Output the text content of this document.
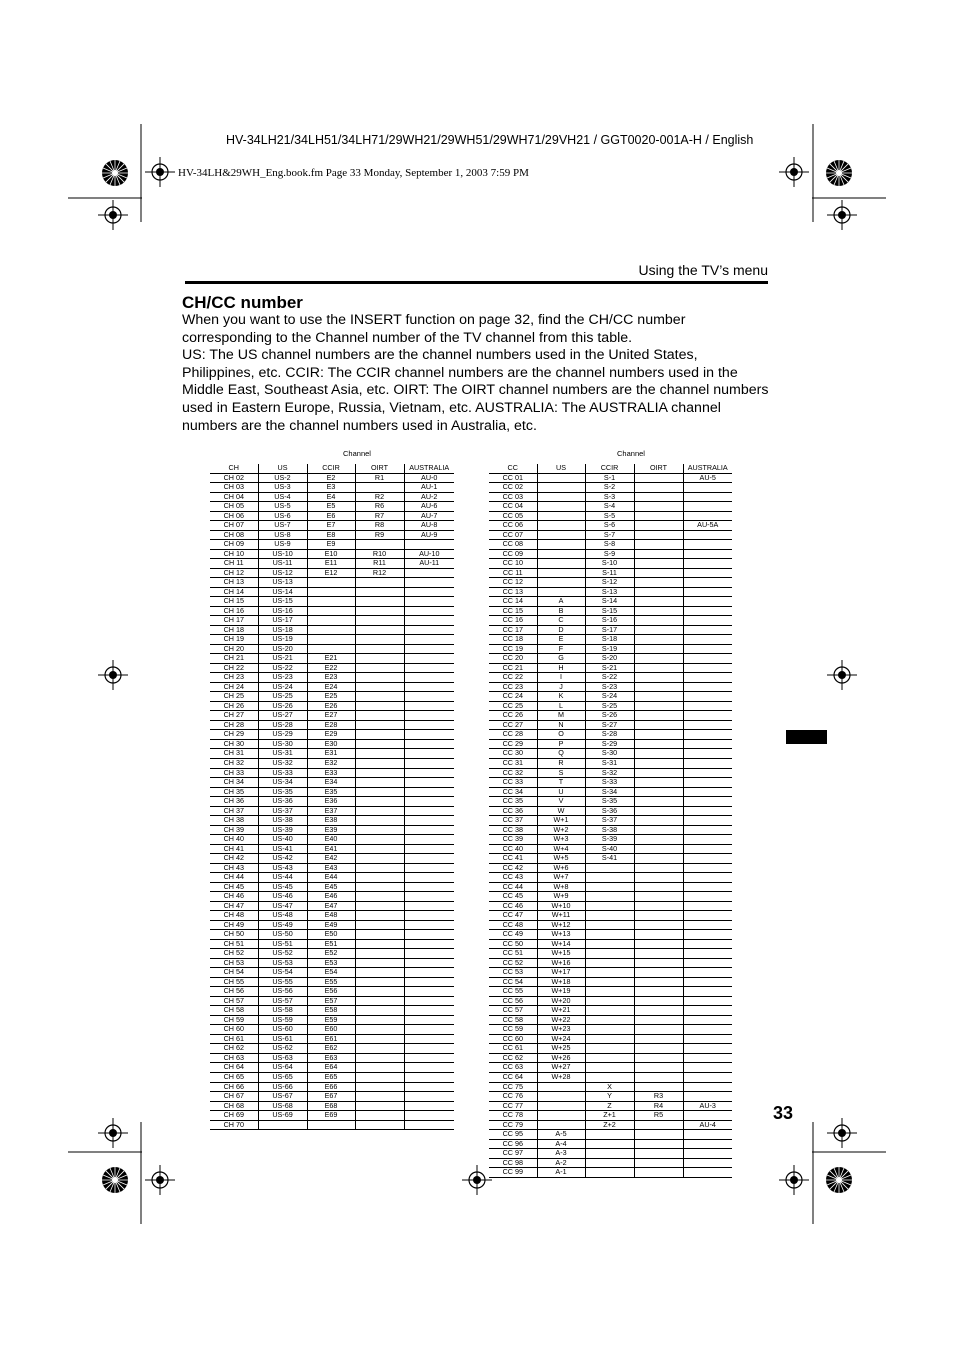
HV-34LH21/34LH51/34LH71/29WH21/29WH51/29WH71/29VH21 / GGT0020-001A-H / English
HV-34LH&29WH_Eng.book.fm Page 33 Monday, September 1, 2003 7:59 PM
Using the TV’s menu
CH/CC number

When you want to use the INSERT function on page 32, find the CH/CC number corresponding to the Channel number of the TV channel from this table.

US: The US channel numbers are the channel numbers used in the United States, Philippines, etc. CCIR: The CCIR channel numbers are the channel numbers used in the Middle East, Southeast Asia, etc. OIRT: The OIRT channel numbers are the channel numbers used in Eastern Europe, Russia, Vietnam, etc. AUSTRALIA: The AUSTRALIA channel numbers are the channel numbers used in Australia, etc.

Channel
CH	US	CCIR	OIRT	AUSTRALIA
CH 02	US-2	E2	R1	AU-0
CH 03	US-3	E3		AU-1
CH 04	US-4	E4	R2	AU-2
CH 05	US-5	E5	R6	AU-6
CH 06	US-6	E6	R7	AU-7
CH 07	US-7	E7	R8	AU-8
CH 08	US-8	E8	R9	AU-9
CH 09	US-9	E9		
CH 10	US-10	E10	R10	AU-10
CH 11	US-11	E11	R11	AU-11
CH 12	US-12	E12	R12	
CH 13	US-13			
CH 14	US-14			
CH 15	US-15			
CH 16	US-16			
CH 17	US-17			
CH 18	US-18			
CH 19	US-19			
CH 20	US-20			
CH 21	US-21	E21		
CH 22	US-22	E22		
CH 23	US-23	E23		
CH 24	US-24	E24		
CH 25	US-25	E25		
CH 26	US-26	E26		
CH 27	US-27	E27		
CH 28	US-28	E28		
CH 29	US-29	E29		
CH 30	US-30	E30		
CH 31	US-31	E31		
CH 32	US-32	E32		
CH 33	US-33	E33		
CH 34	US-34	E34		
CH 35	US-35	E35		
CH 36	US-36	E36		
CH 37	US-37	E37		
CH 38	US-38	E38		
CH 39	US-39	E39		
CH 40	US-40	E40		
CH 41	US-41	E41		
CH 42	US-42	E42		
CH 43	US-43	E43		
CH 44	US-44	E44		
CH 45	US-45	E45		
CH 46	US-46	E46		
CH 47	US-47	E47		
CH 48	US-48	E48		
CH 49	US-49	E49		
CH 50	US-50	E50		
CH 51	US-51	E51		
CH 52	US-52	E52		
CH 53	US-53	E53		
CH 54	US-54	E54		
CH 55	US-55	E55		
CH 56	US-56	E56		
CH 57	US-57	E57		
CH 58	US-58	E58		
CH 59	US-59	E59		
CH 60	US-60	E60		
CH 61	US-61	E61		
CH 62	US-62	E62		
CH 63	US-63	E63		
CH 64	US-64	E64		
CH 65	US-65	E65		
CH 66	US-66	E66		
CH 67	US-67	E67		
CH 68	US-68	E68		
CH 69	US-69	E69		
CH 70				
Channel
CC	US	CCIR	OIRT	AUSTRALIA
CC 01		S-1		AU-5
CC 02		S-2		
CC 03		S-3		
CC 04		S-4		
CC 05		S-5		
CC 06		S-6		AU-5A
CC 07		S-7		
CC 08		S-8		
CC 09		S-9		
CC 10		S-10		
CC 11		S-11		
CC 12		S-12		
CC 13		S-13		
CC 14	A	S-14		
CC 15	B	S-15		
CC 16	C	S-16		
CC 17	D	S-17		
CC 18	E	S-18		
CC 19	F	S-19		
CC 20	G	S-20		
CC 21	H	S-21		
CC 22	I	S-22		
CC 23	J	S-23		
CC 24	K	S-24		
CC 25	L	S-25		
CC 26	M	S-26		
CC 27	N	S-27		
CC 28	O	S-28		
CC 29	P	S-29		
CC 30	Q	S-30		
CC 31	R	S-31		
CC 32	S	S-32		
CC 33	T	S-33		
CC 34	U	S-34		
CC 35	V	S-35		
CC 36	W	S-36		
CC 37	W+1	S-37		
CC 38	W+2	S-38		
CC 39	W+3	S-39		
CC 40	W+4	S-40		
CC 41	W+5	S-41		
CC 42	W+6			
CC 43	W+7			
CC 44	W+8			
CC 45	W+9			
CC 46	W+10			
CC 47	W+11			
CC 48	W+12			
CC 49	W+13			
CC 50	W+14			
CC 51	W+15			
CC 52	W+16			
CC 53	W+17			
CC 54	W+18			
CC 55	W+19			
CC 56	W+20			
CC 57	W+21			
CC 58	W+22			
CC 59	W+23			
CC 60	W+24			
CC 61	W+25			
CC 62	W+26			
CC 63	W+27			
CC 64	W+28			
CC 75		X		
CC 76		Y	R3	
CC 77		Z	R4	AU-3
CC 78		Z+1	R5	
CC 79		Z+2		AU-4
CC 95	A-5			
CC 96	A-4			
CC 97	A-3			
CC 98	A-2			
CC 99	A-1			
33
